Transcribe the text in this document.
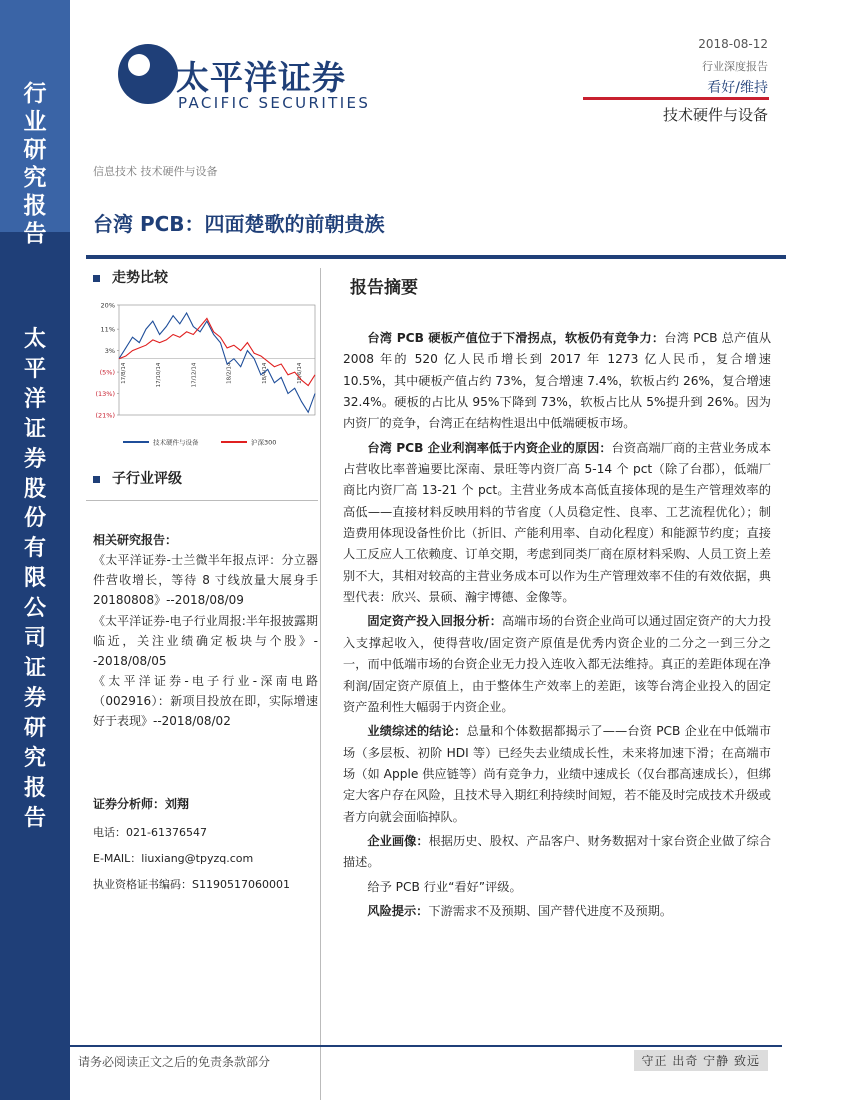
行
业
研
究
报
告
太
平
洋
证
券
股
份
有
限
公
司
证
券
研
究
报
告
太平洋证券
PACIFIC SECURITIES
2018-08-12
行业深度报告
看好/维持
技术硬件与设备
信息技术 技术硬件与设备
台湾 PCB：四面楚歌的前朝贵族
走势比较
20%
11%
3%
(5%)
(13%)
(21%)
17/8/14	17/10/14	17/12/14	18/2/14	18/4/14	18/6/14
技术硬件与设备	沪深300
子行业评级
相关研究报告：

《太平洋证券-士兰微半年报点评：分立器件营收增长，等待 8 寸线放量大展身手 20180808》--2018/08/09

《太平洋证券-电子行业周报:半年报披露期临近，关注业绩确定板块与个股》--2018/08/05

《太平洋证券-电子行业-深南电路（002916）：新项目投放在即，实际增速好于表现》--2018/08/02

证券分析师：刘翔
电话：021-61376547
E-MAIL：liuxiang@tpyzq.com
执业资格证书编码：S1190517060001
报告摘要

台湾 PCB 硬板产值位于下滑拐点，软板仍有竞争力：台湾 PCB 总产值从 2008 年的 520 亿人民币增长到 2017 年 1273 亿人民币，复合增速 10.5%，其中硬板产值占约 73%，复合增速 7.4%，软板占约 26%，复合增速 32.4%。硬板的占比从 95%下降到 73%，软板占比从 5%提升到 26%。因为内资厂的竞争，台湾正在结构性退出中低端硬板市场。

台湾 PCB 企业利润率低于内资企业的原因：台资高端厂商的主营业务成本占营收比率普遍要比深南、景旺等内资厂高 5-14 个 pct（除了台郡），低端厂商比内资厂高 13-21 个 pct。主营业务成本高低直接体现的是生产管理效率的高低——直接材料反映用料的节省度（人员稳定性、良率、工艺流程优化）；制造费用体现设备性价比（折旧、产能利用率、自动化程度）和能源节约度；直接人工反应人工依赖度、订单交期，考虑到同类厂商在原材料采购、人员工资上差别不大，其相对较高的主营业务成本可以作为生产管理效率不佳的有效依据，典型代表：欣兴、景硕、瀚宇博德、金像等。

固定资产投入回报分析：高端市场的台资企业尚可以通过固定资产的大力投入支撑起收入，使得营收/固定资产原值是优秀内资企业的二分之一到三分之一，而中低端市场的台资企业无力投入连收入都无法维持。真正的差距体现在净利润/固定资产原值上，由于整体生产效率上的差距，该等台湾企业投入的固定资产盈利性大幅弱于内资企业。

业绩综述的结论：总量和个体数据都揭示了——台资 PCB 企业在中低端市场（多层板、初阶 HDI 等）已经失去业绩成长性，未来将加速下滑；在高端市场（如 Apple 供应链等）尚有竞争力，业绩中速成长（仅台郡高速成长），但绑定大客户存在风险，且技术导入期红利持续时间短，若不能及时完成技术升级或者方向就会面临掉队。

企业画像：根据历史、股权、产品客户、财务数据对十家台资企业做了综合描述。

给予 PCB 行业“看好”评级。

风险提示：下游需求不及预期、国产替代进度不及预期。

请务必阅读正文之后的免责条款部分	守正 出奇 宁静 致远
